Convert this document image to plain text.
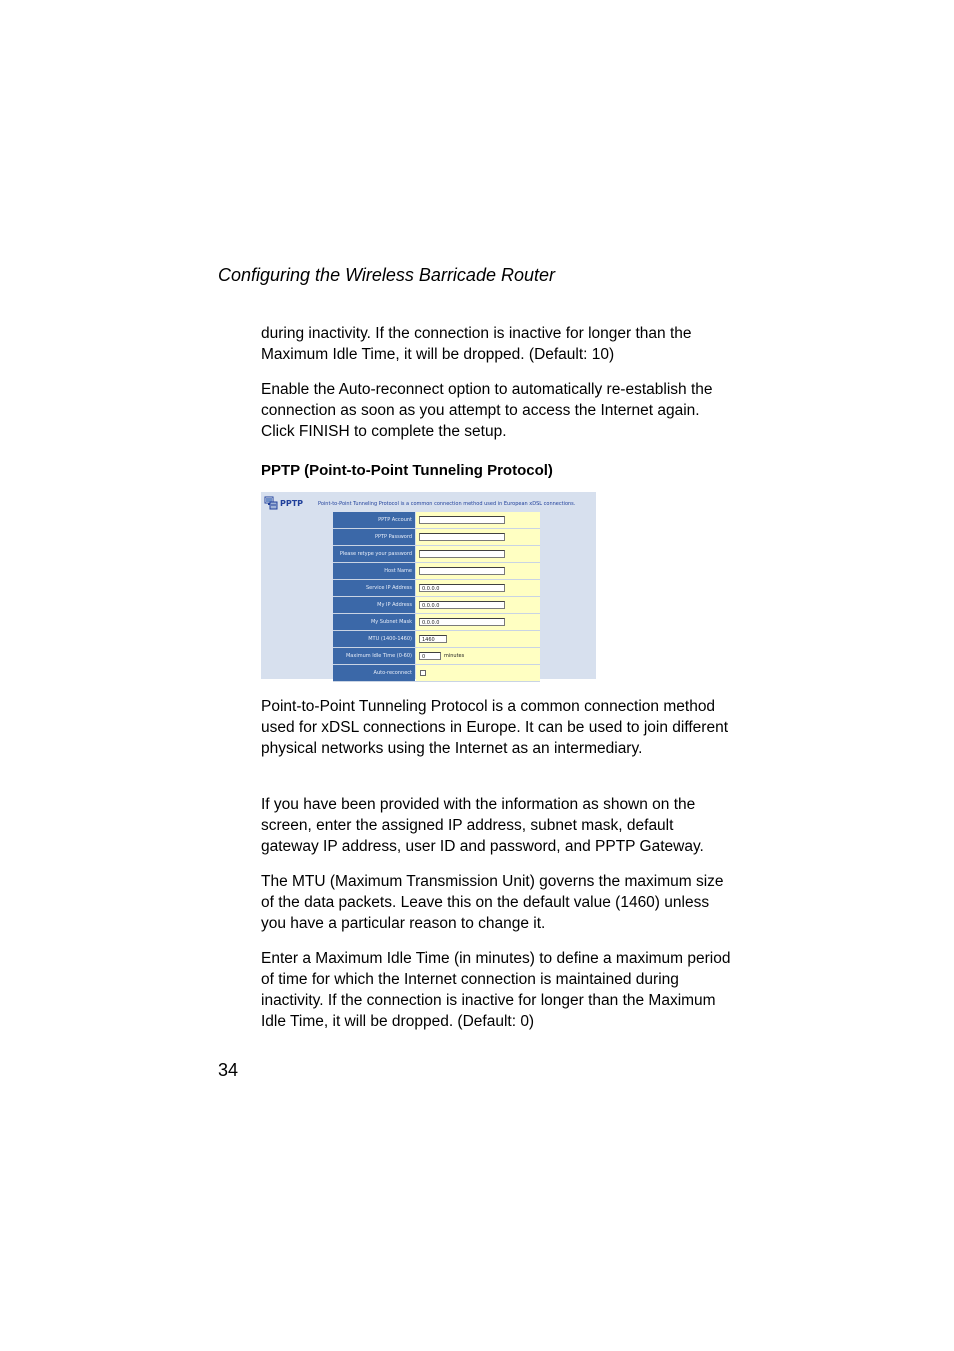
Configuring the Wireless Barricade Router

during inactivity. If the connection is inactive for longer than the Maximum Idle Time, it will be dropped. (Default: 10)

Enable the Auto-reconnect option to automatically re-establish the connection as soon as you attempt to access the Internet again. Click FINISH to complete the setup.

PPTP (Point-to-Point Tunneling Protocol)
PPTP	Point-to-Point Tunneling Protocol is a common connection method used in European xDSL connections.
PPTP Account
PPTP Password
Please retype your password
Host Name
Service IP Address	0.0.0.0
My IP Address	0.0.0.0
My Subnet Mask	0.0.0.0
MTU (1400-1460)	1460
Maximum Idle Time (0-60)	0	minutes
Auto-reconnect

Point-to-Point Tunneling Protocol is a common connection method used for xDSL connections in Europe. It can be used to join different physical networks using the Internet as an intermediary.

If you have been provided with the information as shown on the screen, enter the assigned IP address, subnet mask, default gateway IP address, user ID and password, and PPTP Gateway.

The MTU (Maximum Transmission Unit) governs the maximum size of the data packets. Leave this on the default value (1460) unless you have a particular reason to change it.

Enter a Maximum Idle Time (in minutes) to define a maximum period of time for which the Internet connection is maintained during inactivity. If the connection is inactive for longer than the Maximum Idle Time, it will be dropped. (Default: 0)

34
